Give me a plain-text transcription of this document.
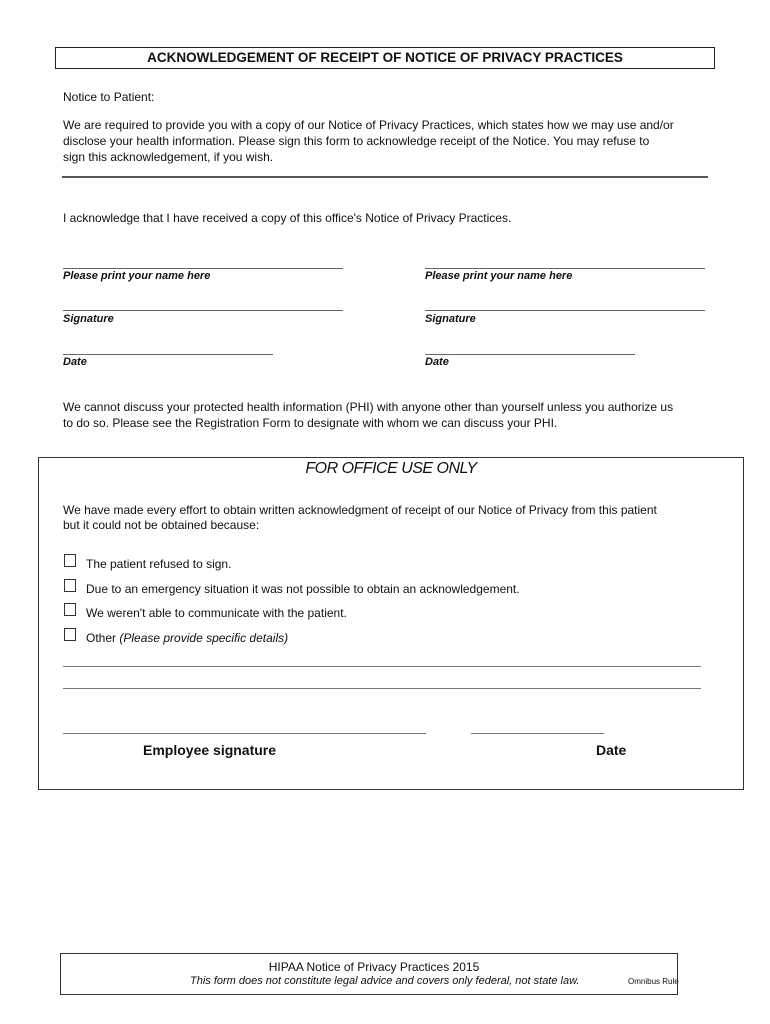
ACKNOWLEDGEMENT OF RECEIPT OF NOTICE OF PRIVACY PRACTICES
Notice to Patient:
We are required to provide you with a copy of our Notice of Privacy Practices, which states how we may use and/or
disclose your health information. Please sign this form to acknowledge receipt of the Notice. You may refuse to
sign this acknowledgement, if you wish.
I acknowledge that I have received a copy of this office's Notice of Privacy Practices.
Please print your name here	Please print your name here
Signature	Signature
Date	Date
We cannot discuss your protected health information (PHI) with anyone other than yourself unless you authorize us
to do so. Please see the Registration Form to designate with whom we can discuss your PHI.
FOR OFFICE USE ONLY
We have made every effort to obtain written acknowledgment of receipt of our Notice of Privacy from this patient
but it could not be obtained because:
The patient refused to sign.
Due to an emergency situation it was not possible to obtain an acknowledgement.
We weren't able to communicate with the patient.
Other (Please provide specific details)
Employee signature	Date
HIPAA Notice of Privacy Practices 2015
This form does not constitute legal advice and covers only federal, not state law.	Omnibus Rule
